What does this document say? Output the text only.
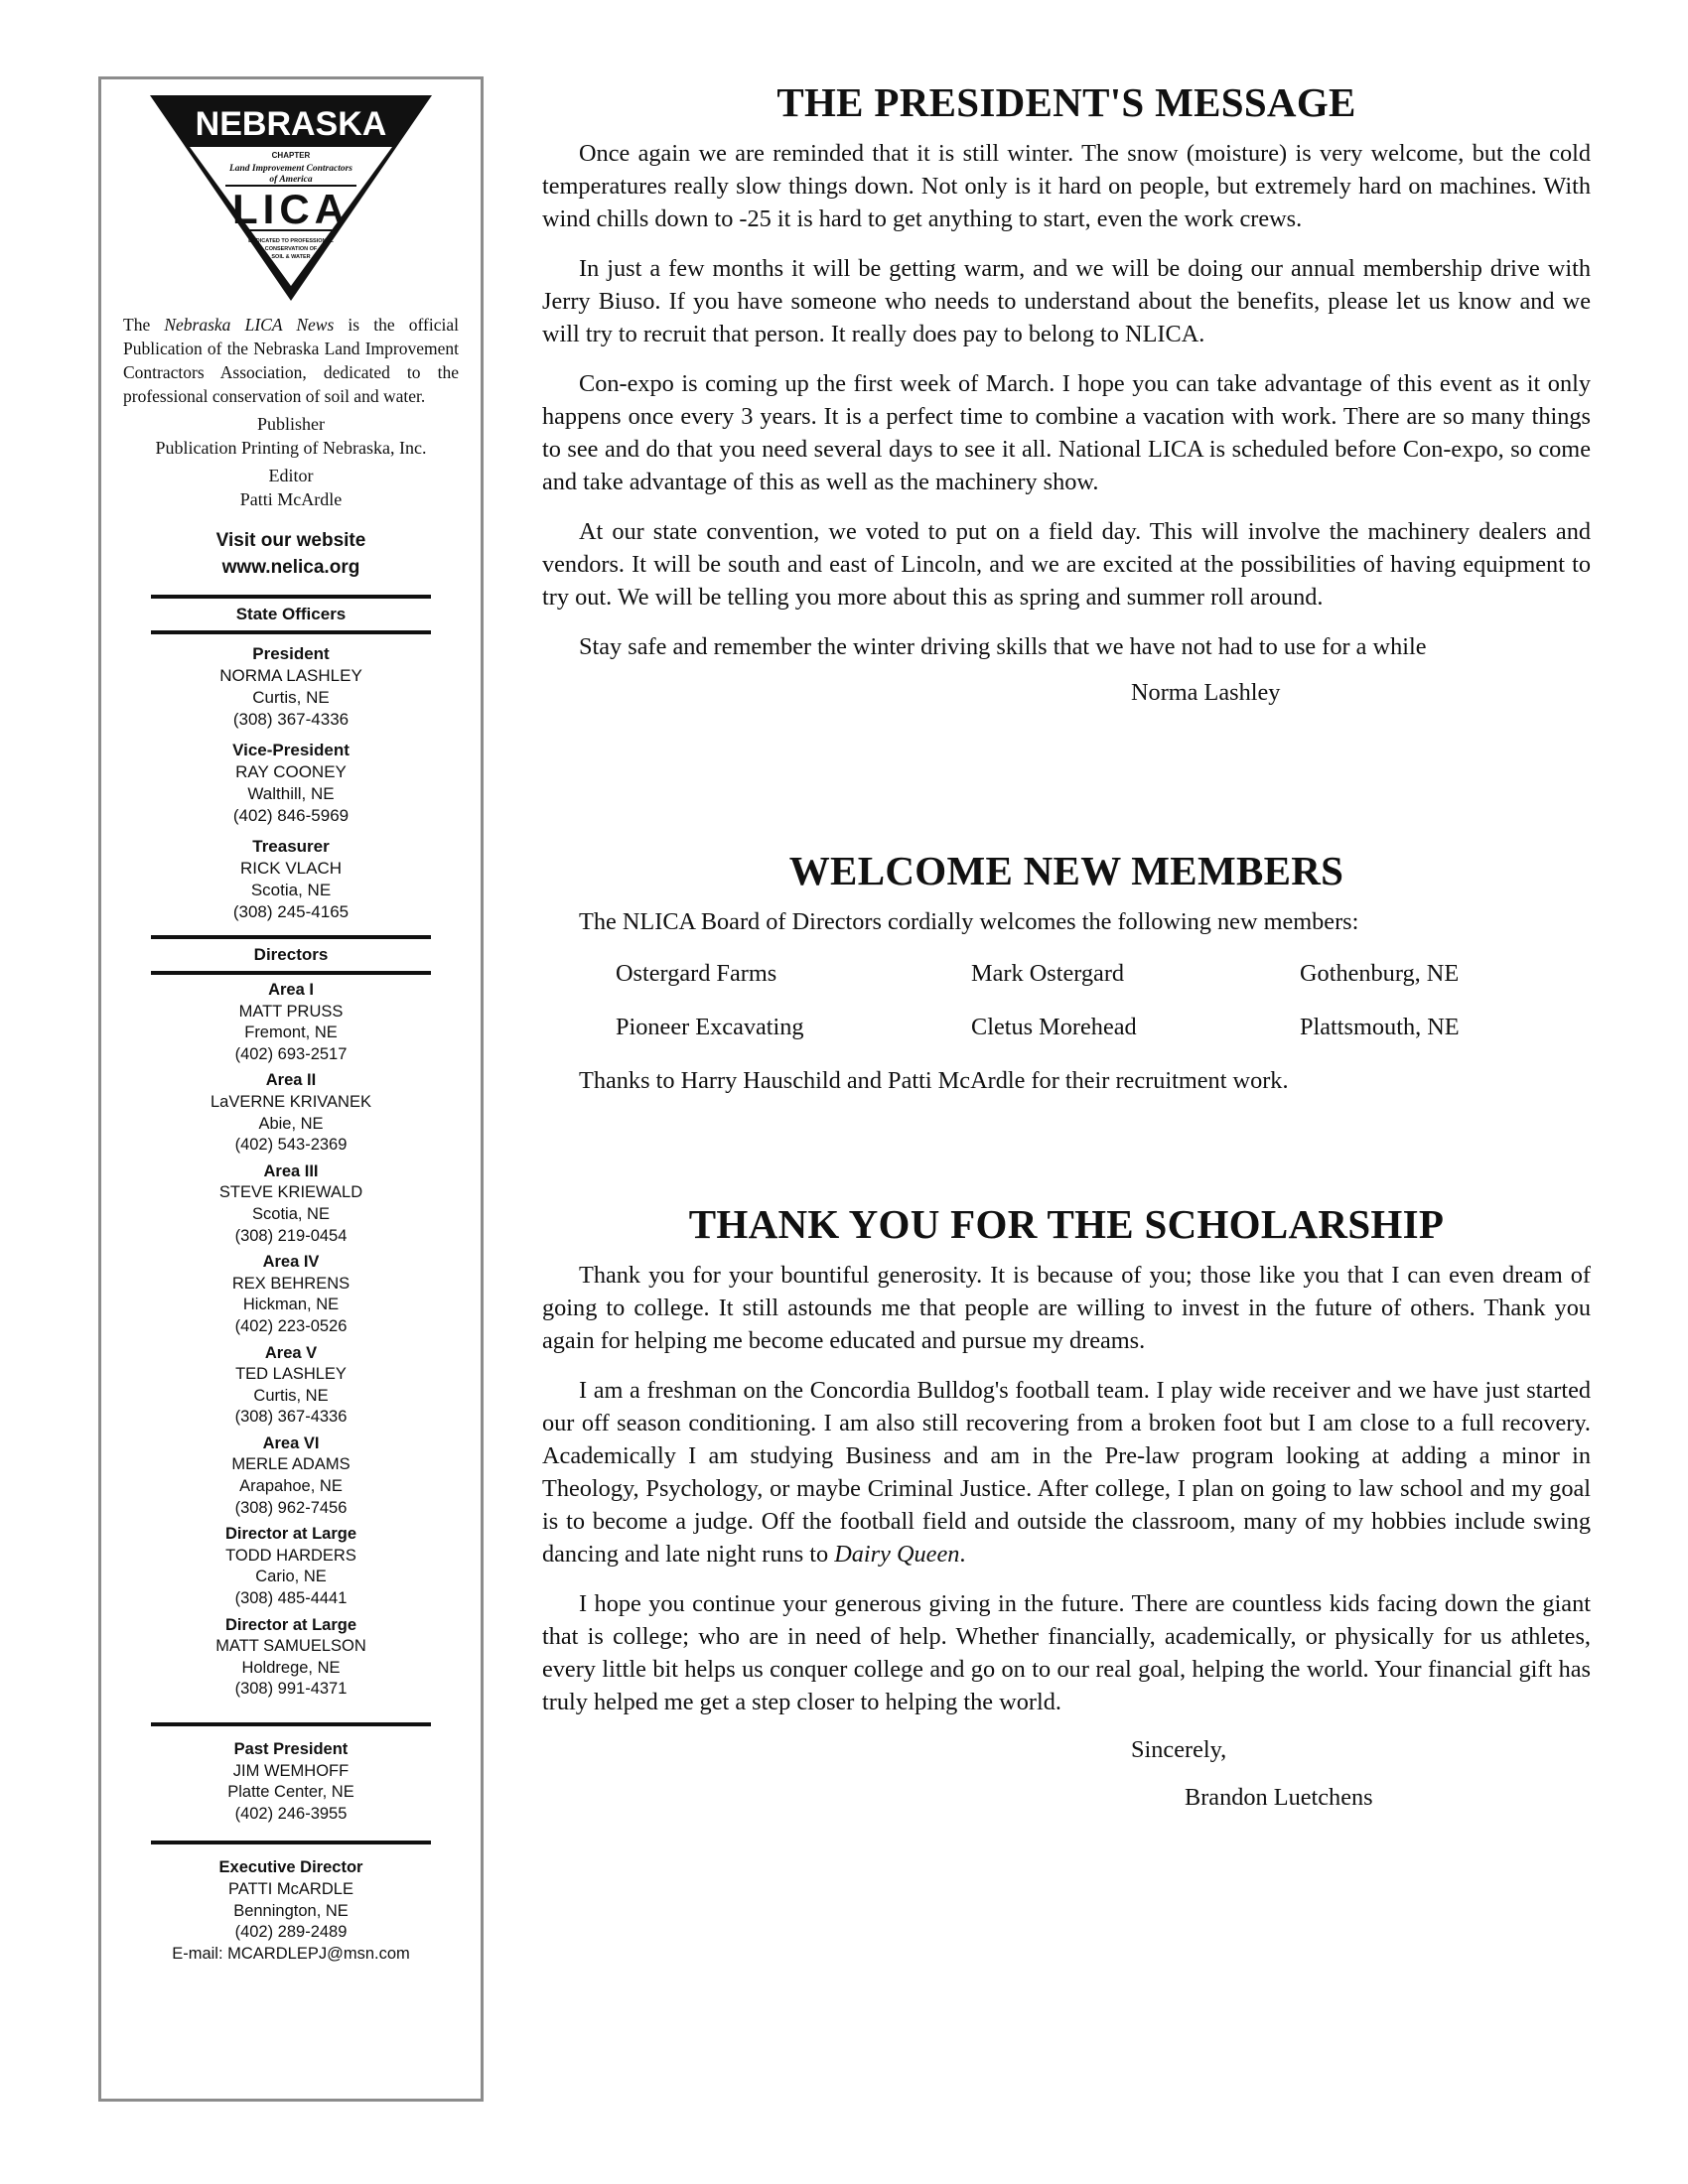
NEBRASKA
CHAPTER
Land Improvement Contractors
of America
LICA
DEDICATED TO PROFESSIONAL
CONSERVATION OF
SOIL & WATER

The Nebraska LICA News is the official Publication of the Nebraska Land Improvement Contractors Association, dedicated to the professional conservation of soil and water.

Publisher
Publication Printing of Nebraska, Inc.
Editor
Patti McArdle
Visit our website
www.nelica.org
State Officers
President
NORMA LASHLEY
Curtis, NE
(308) 367-4336
Vice-President
RAY COONEY
Walthill, NE
(402) 846-5969
Treasurer
RICK VLACH
Scotia, NE
(308) 245-4165
Directors
Area I
MATT PRUSS
Fremont, NE
(402) 693-2517
Area II
LaVERNE KRIVANEK
Abie, NE
(402) 543-2369
Area III
STEVE KRIEWALD
Scotia, NE
(308) 219-0454
Area IV
REX BEHRENS
Hickman, NE
(402) 223-0526
Area V
TED LASHLEY
Curtis, NE
(308) 367-4336
Area VI
MERLE ADAMS
Arapahoe, NE
(308) 962-7456
Director at Large
TODD HARDERS
Cario, NE
(308) 485-4441
Director at Large
MATT SAMUELSON
Holdrege, NE
(308) 991-4371
Past President
JIM WEMHOFF
Platte Center, NE
(402) 246-3955
Executive Director
PATTI McARDLE
Bennington, NE
(402) 289-2489
E-mail: MCARDLEPJ@msn.com
THE PRESIDENT'S MESSAGE

Once again we are reminded that it is still winter. The snow (moisture) is very welcome, but the cold temperatures really slow things down. Not only is it hard on people, but extremely hard on machines. With wind chills down to -25 it is hard to get anything to start, even the work crews.

In just a few months it will be getting warm, and we will be doing our annual membership drive with Jerry Biuso. If you have someone who needs to understand about the benefits, please let us know and we will try to recruit that person. It really does pay to belong to NLICA.

Con-expo is coming up the first week of March. I hope you can take advantage of this event as it only happens once every 3 years. It is a perfect time to combine a vacation with work. There are so many things to see and do that you need several days to see it all. National LICA is scheduled before Con-expo, so come and take advantage of this as well as the machinery show.

At our state convention, we voted to put on a field day. This will involve the machinery dealers and vendors. It will be south and east of Lincoln, and we are excited at the possibilities of having equipment to try out. We will be telling you more about this as spring and summer roll around.

Stay safe and remember the winter driving skills that we have not had to use for a while

Norma Lashley
WELCOME NEW MEMBERS
The NLICA Board of Directors cordially welcomes the following new members:
Ostergard Farms	Mark Ostergard	Gothenburg, NE
Pioneer Excavating	Cletus Morehead	Plattsmouth, NE
Thanks to Harry Hauschild and Patti McArdle for their recruitment work.
THANK YOU FOR THE SCHOLARSHIP

Thank you for your bountiful generosity. It is because of you; those like you that I can even dream of going to college. It still astounds me that people are willing to invest in the future of others. Thank you again for helping me become educated and pursue my dreams.

I am a freshman on the Concordia Bulldog's football team. I play wide receiver and we have just started our off season conditioning. I am also still recovering from a broken foot but I am close to a full recovery. Academically I am studying Business and am in the Pre-law program looking at adding a minor in Theology, Psychology, or maybe Criminal Justice. After college, I plan on going to law school and my goal is to become a judge. Off the football field and outside the classroom, many of my hobbies include swing dancing and late night runs to Dairy Queen.

I hope you continue your generous giving in the future. There are countless kids facing down the giant that is college; who are in need of help. Whether financially, academically, or physically for us athletes, every little bit helps us conquer college and go on to our real goal, helping the world. Your financial gift has truly helped me get a step closer to helping the world.

Sincerely,
Brandon Luetchens
